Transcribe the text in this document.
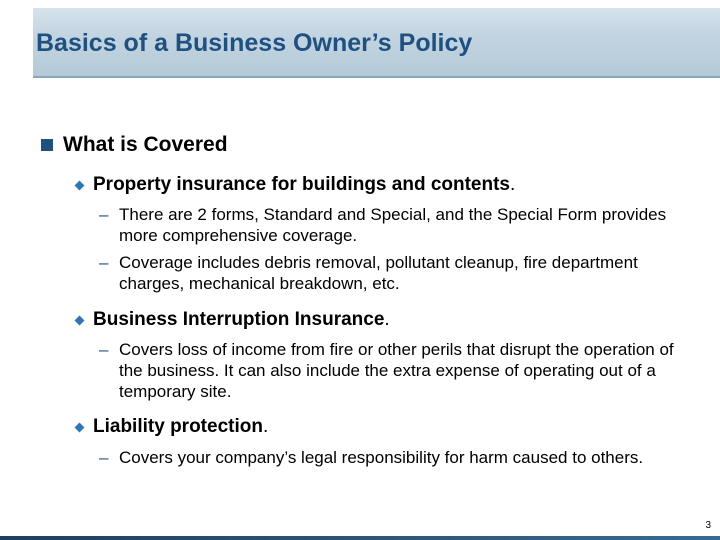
Basics of a Business Owner’s Policy
What is Covered
Property insurance for buildings and contents .
– There are 2 forms, Standard and Special, and the Special Form provides more comprehensive coverage.
– Coverage includes debris removal, pollutant cleanup, fire department charges, mechanical breakdown, etc.
Business Interruption Insurance .
– Covers loss of income from fire or other perils that disrupt the operation of the business. It can also include the extra expense of operating out of a temporary site.
Liability protection .
– Covers your company’s legal responsibility for harm caused to others.
3
